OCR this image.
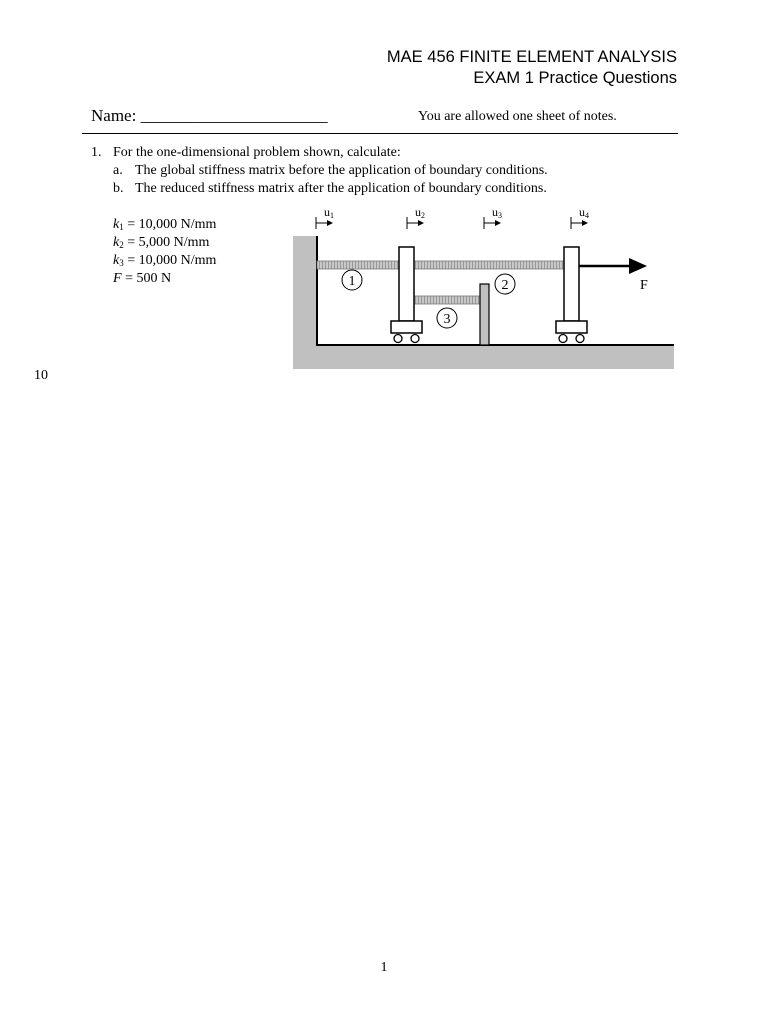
MAE 456 FINITE ELEMENT ANALYSIS
EXAM 1 Practice Questions
Name: ______________________	You are allowed one sheet of notes.
1. For the one-dimensional problem shown, calculate:
a. The global stiffness matrix before the application of boundary conditions.
b. The reduced stiffness matrix after the application of boundary conditions.
$k_1 = 10,000$ N/mm
$k_2 = 5,000$ N/mm
$k_3 = 10,000$ N/mm
F = 500 N
10
F
1	2
3
u1	u2	u3	u4
1
